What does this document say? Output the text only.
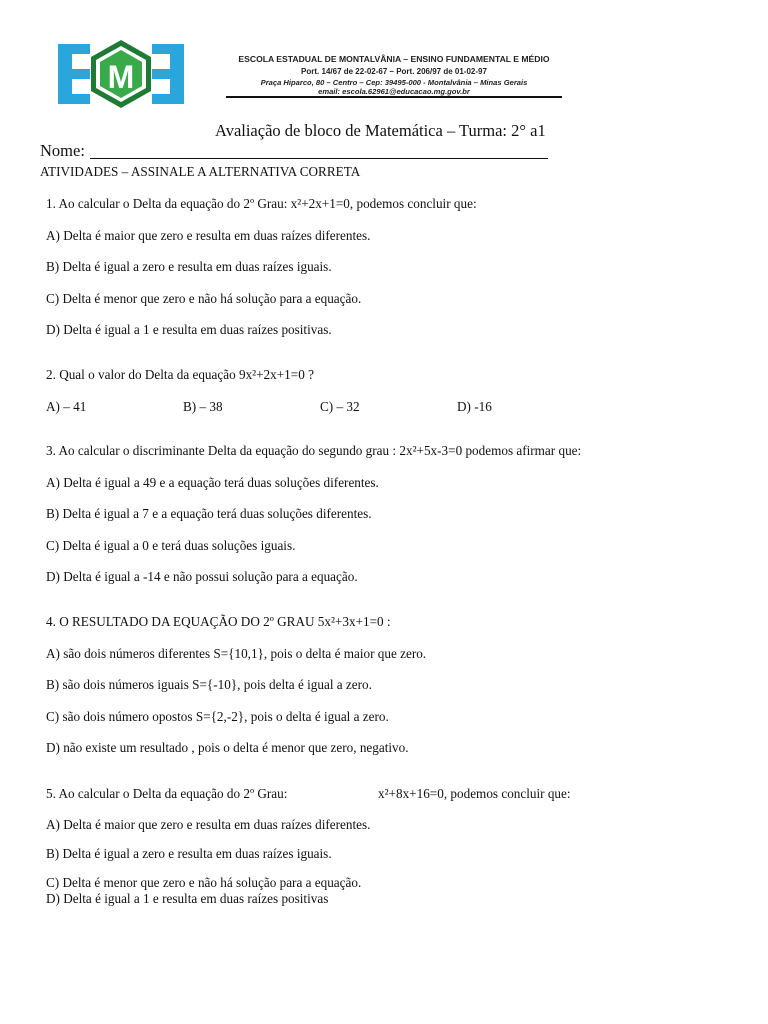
M	ESCOLA ESTADUAL DE MONTALVÂNIA – ENSINO FUNDAMENTAL E MÉDIO
Port. 14/67 de 22-02-67 – Port. 206/97 de 01-02-97
Praça Hiparco, 80 – Centro – Cep: 39495-000 - Montalvânia – Minas Gerais
email: escola.62961@educacao.mg.gov.br
Avaliação de bloco de Matemática – Turma: 2° a1
Nome:
ATIVIDADES – ASSINALE A ALTERNATIVA CORRETA
1. Ao calcular o Delta da equação do 2º Grau: x²+2x+1=0, podemos concluir que:
A) Delta é maior que zero e resulta em duas raízes diferentes.
B) Delta é igual a zero e resulta em duas raízes iguais.
C) Delta é menor que zero e não há solução para a equação.
D) Delta é igual a 1 e resulta em duas raízes positivas.
2. Qual o valor do Delta da equação 9x²+2x+1=0 ?
A) – 41	B) – 38	C) – 32	D) -16
3. Ao calcular o discriminante Delta da equação do segundo grau : 2x²+5x-3=0 podemos afirmar que:
A) Delta é igual a 49 e a equação terá duas soluções diferentes.
B) Delta é igual a 7 e a equação terá duas soluções diferentes.
C) Delta é igual a 0 e terá duas soluções iguais.
D) Delta é igual a -14 e não possui solução para a equação.
4. O RESULTADO DA EQUAÇÃO DO 2º GRAU 5x²+3x+1=0 :
A) são dois números diferentes S={10,1}, pois o delta é maior que zero.
B) são dois números iguais S={-10}, pois delta é igual a zero.
C) são dois número opostos S={2,-2}, pois o delta é igual a zero.
D) não existe um resultado , pois o delta é menor que zero, negativo.
5. Ao calcular o Delta da equação do 2º Grau:	x²+8x+16=0, podemos concluir que:
A) Delta é maior que zero e resulta em duas raízes diferentes.
B) Delta é igual a zero e resulta em duas raízes iguais.
C) Delta é menor que zero e não há solução para a equação.
D) Delta é igual a 1 e resulta em duas raízes positivas
